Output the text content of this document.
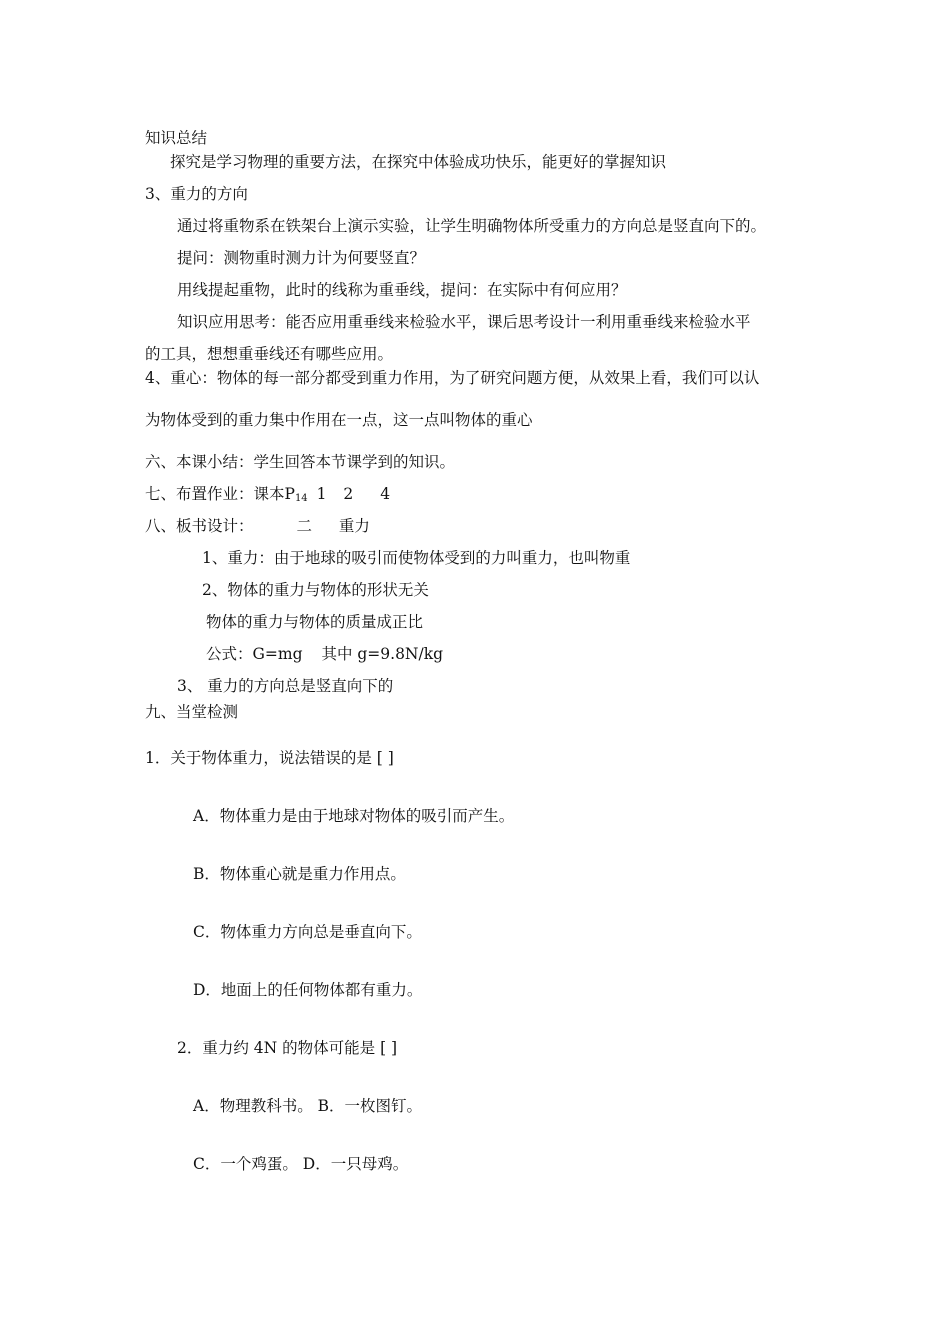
知识总结
探究是学习物理的重要方法，在探究中体验成功快乐，能更好的掌握知识
3、重力的方向
通过将重物系在铁架台上演示实验，让学生明确物体所受重力的方向总是竖直向下的。
提问：测物重时测力计为何要竖直？
用线提起重物，此时的线称为重垂线，提问：在实际中有何应用？
知识应用思考：能否应用重垂线来检验水平，课后思考设计一利用重垂线来检验水平
的工具，想想重垂线还有哪些应用。
4、重心：物体的每一部分都受到重力作用，为了研究问题方便，从效果上看，我们可以认
为物体受到的重力集中作用在一点，这一点叫物体的重心
六、本课小结：学生回答本节课学到的知识。
七、布置作业：课本$P_{14}$ 1 2 4
八、板书设计：	二 重力
1、重力：由于地球的吸引而使物体受到的力叫重力，也叫物重
2、物体的重力与物体的形状无关
物体的重力与物体的质量成正比
公式：G=mg 其中 g=9.8N/kg
3、 重力的方向总是竖直向下的
九、当堂检测
1．关于物体重力，说法错误的是 [ ]
A．物体重力是由于地球对物体的吸引而产生。
B．物体重心就是重力作用点。
C．物体重力方向总是垂直向下。
D．地面上的任何物体都有重力。
2．重力约 4N 的物体可能是 [ ]
A．物理教科书。 B．一枚图钉。
C．一个鸡蛋。 D．一只母鸡。
